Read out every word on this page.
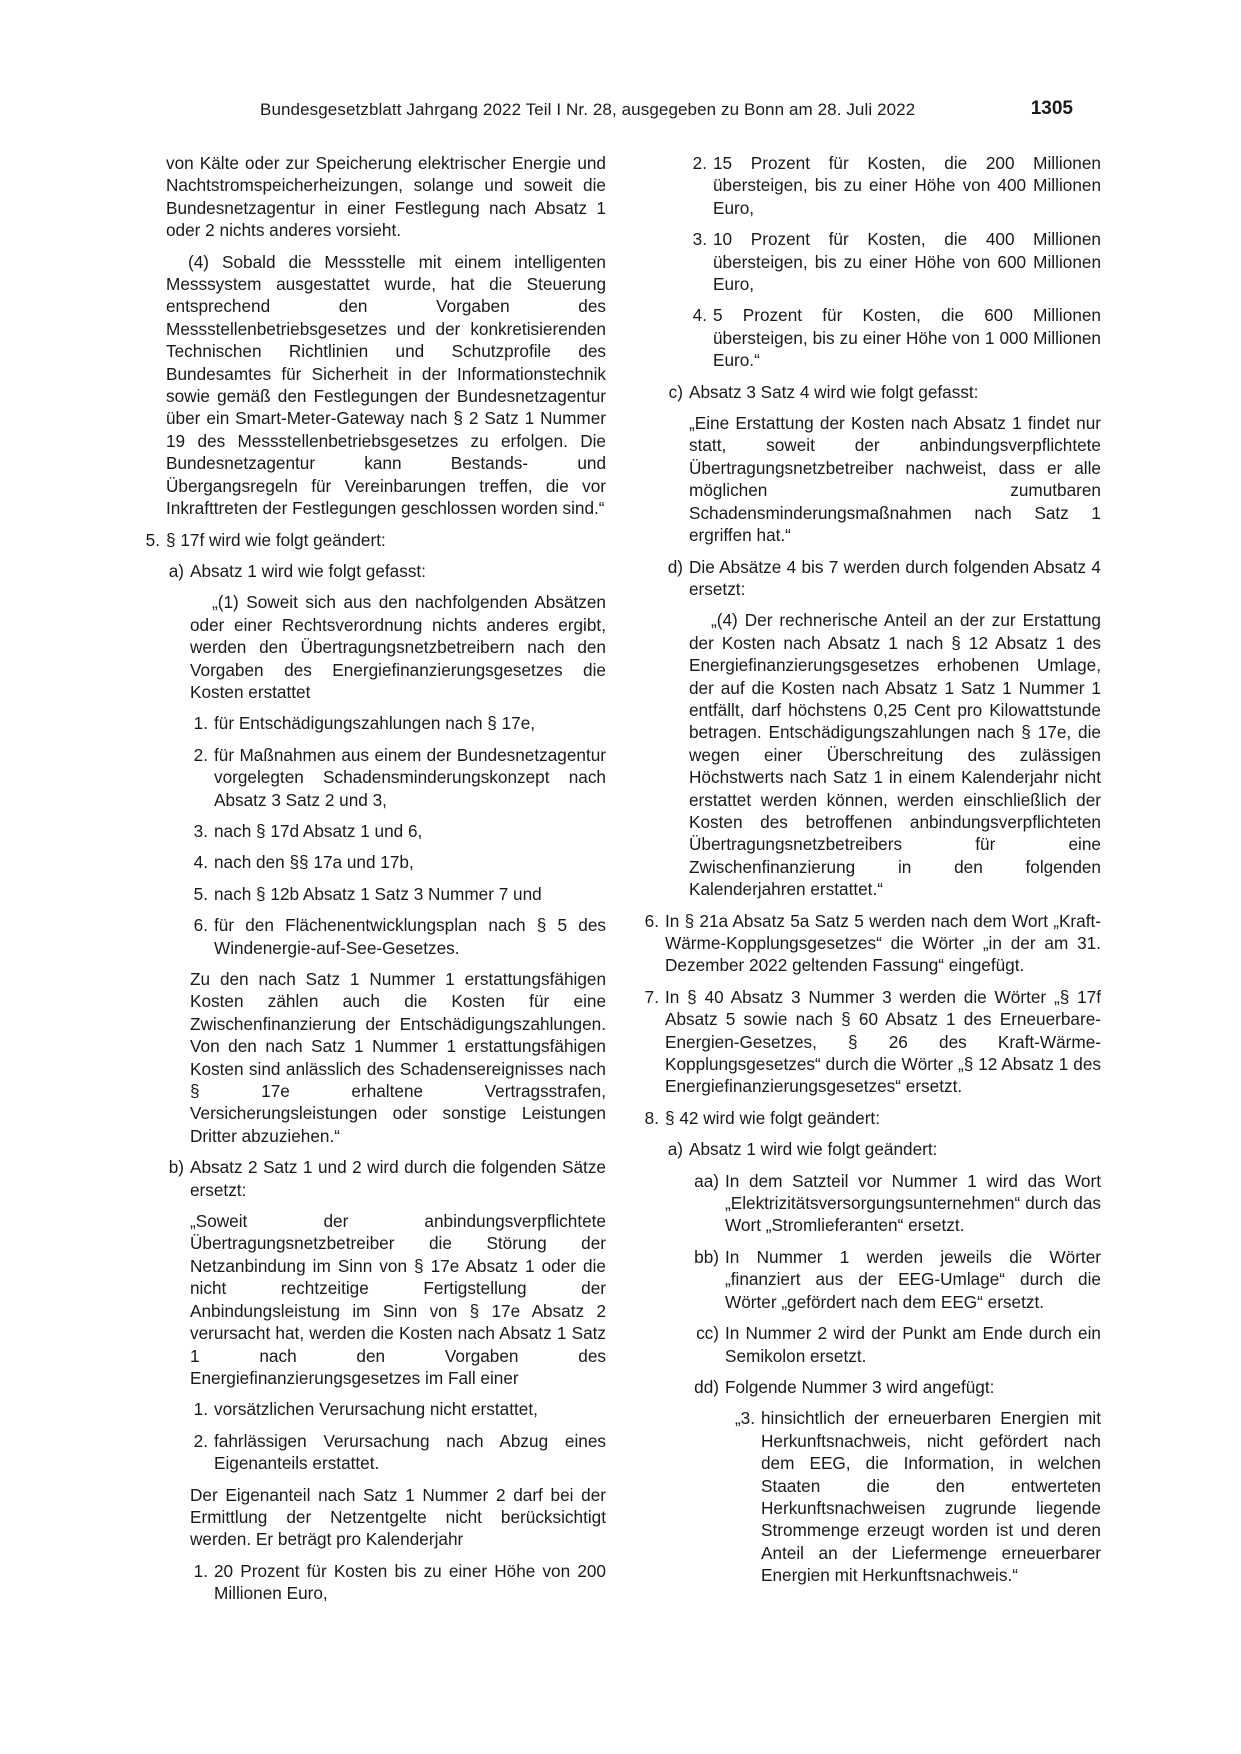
Bundesgesetzblatt Jahrgang 2022 Teil I Nr. 28, ausgegeben zu Bonn am 28. Juli 2022	1305

von Kälte oder zur Speicherung elektrischer Energie und Nachtstromspeicherheizungen, solange und soweit die Bundesnetzagentur in einer Festlegung nach Absatz 1 oder 2 nichts anderes vorsieht.

(4) Sobald die Messstelle mit einem intelligenten Messsystem ausgestattet wurde, hat die Steuerung entsprechend den Vorgaben des Messstellenbetriebsgesetzes und der konkretisierenden Technischen Richtlinien und Schutzprofile des Bundesamtes für Sicherheit in der Informationstechnik sowie gemäß den Festlegungen der Bundesnetzagentur über ein Smart-Meter-Gateway nach § 2 Satz 1 Nummer 19 des Messstellenbetriebsgesetzes zu erfolgen. Die Bundesnetzagentur kann Bestands- und Übergangsregeln für Vereinbarungen treffen, die vor Inkrafttreten der Festlegungen geschlossen worden sind.“

5. § 17f wird wie folgt geändert:
a) Absatz 1 wird wie folgt gefasst:

„(1) Soweit sich aus den nachfolgenden Absätzen oder einer Rechtsverordnung nichts anderes ergibt, werden den Übertragungsnetzbetreibern nach den Vorgaben des Energiefinanzierungsgesetzes die Kosten erstattet

1. für Entschädigungszahlungen nach § 17e,
2. für Maßnahmen aus einem der Bundesnetzagentur vorgelegten Schadensminderungskonzept nach Absatz 3 Satz 2 und 3,
3. nach § 17d Absatz 1 und 6,
4. nach den §§ 17a und 17b,
5. nach § 12b Absatz 1 Satz 3 Nummer 7 und
6. für den Flächenentwicklungsplan nach § 5 des Windenergie-auf-See-Gesetzes.

Zu den nach Satz 1 Nummer 1 erstattungsfähigen Kosten zählen auch die Kosten für eine Zwischenfinanzierung der Entschädigungszahlungen. Von den nach Satz 1 Nummer 1 erstattungsfähigen Kosten sind anlässlich des Schadensereignisses nach § 17e erhaltene Vertragsstrafen, Versicherungsleistungen oder sonstige Leistungen Dritter abzuziehen.“

b) Absatz 2 Satz 1 und 2 wird durch die folgenden Sätze ersetzt:

„Soweit der anbindungsverpflichtete Übertragungsnetzbetreiber die Störung der Netzanbindung im Sinn von § 17e Absatz 1 oder die nicht rechtzeitige Fertigstellung der Anbindungsleistung im Sinn von § 17e Absatz 2 verursacht hat, werden die Kosten nach Absatz 1 Satz 1 nach den Vorgaben des Energiefinanzierungsgesetzes im Fall einer

1. vorsätzlichen Verursachung nicht erstattet,
2. fahrlässigen Verursachung nach Abzug eines Eigenanteils erstattet.

Der Eigenanteil nach Satz 1 Nummer 2 darf bei der Ermittlung der Netzentgelte nicht berücksichtigt werden. Er beträgt pro Kalenderjahr

1. 20 Prozent für Kosten bis zu einer Höhe von 200 Millionen Euro,
2. 15 Prozent für Kosten, die 200 Millionen übersteigen, bis zu einer Höhe von 400 Millionen Euro,
3. 10 Prozent für Kosten, die 400 Millionen übersteigen, bis zu einer Höhe von 600 Millionen Euro,
4. 5 Prozent für Kosten, die 600 Millionen übersteigen, bis zu einer Höhe von 1 000 Millionen Euro.“
c) Absatz 3 Satz 4 wird wie folgt gefasst:

„Eine Erstattung der Kosten nach Absatz 1 findet nur statt, soweit der anbindungsverpflichtete Übertragungsnetzbetreiber nachweist, dass er alle möglichen zumutbaren Schadensminderungsmaßnahmen nach Satz 1 ergriffen hat.“

d) Die Absätze 4 bis 7 werden durch folgenden Absatz 4 ersetzt:

„(4) Der rechnerische Anteil an der zur Erstattung der Kosten nach Absatz 1 nach § 12 Absatz 1 des Energiefinanzierungsgesetzes erhobenen Umlage, der auf die Kosten nach Absatz 1 Satz 1 Nummer 1 entfällt, darf höchstens 0,25 Cent pro Kilowattstunde betragen. Entschädigungszahlungen nach § 17e, die wegen einer Überschreitung des zulässigen Höchstwerts nach Satz 1 in einem Kalenderjahr nicht erstattet werden können, werden einschließlich der Kosten des betroffenen anbindungsverpflichteten Übertragungsnetzbetreibers für eine Zwischenfinanzierung in den folgenden Kalenderjahren erstattet.“

6. In § 21a Absatz 5a Satz 5 werden nach dem Wort „Kraft-Wärme-Kopplungsgesetzes“ die Wörter „in der am 31. Dezember 2022 geltenden Fassung“ eingefügt.
7. In § 40 Absatz 3 Nummer 3 werden die Wörter „§ 17f Absatz 5 sowie nach § 60 Absatz 1 des Erneuerbare-Energien-Gesetzes, § 26 des Kraft-Wärme-Kopplungsgesetzes“ durch die Wörter „§ 12 Absatz 1 des Energiefinanzierungsgesetzes“ ersetzt.
8. § 42 wird wie folgt geändert:
a) Absatz 1 wird wie folgt geändert:
aa) In dem Satzteil vor Nummer 1 wird das Wort „Elektrizitätsversorgungsunternehmen“ durch das Wort „Stromlieferanten“ ersetzt.
bb) In Nummer 1 werden jeweils die Wörter „finanziert aus der EEG-Umlage“ durch die Wörter „gefördert nach dem EEG“ ersetzt.
cc) In Nummer 2 wird der Punkt am Ende durch ein Semikolon ersetzt.
dd) Folgende Nummer 3 wird angefügt:
„3. hinsichtlich der erneuerbaren Energien mit Herkunftsnachweis, nicht gefördert nach dem EEG, die Information, in welchen Staaten die den entwerteten Herkunftsnachweisen zugrunde liegende Strommenge erzeugt worden ist und deren Anteil an der Liefermenge erneuerbarer Energien mit Herkunftsnachweis.“
